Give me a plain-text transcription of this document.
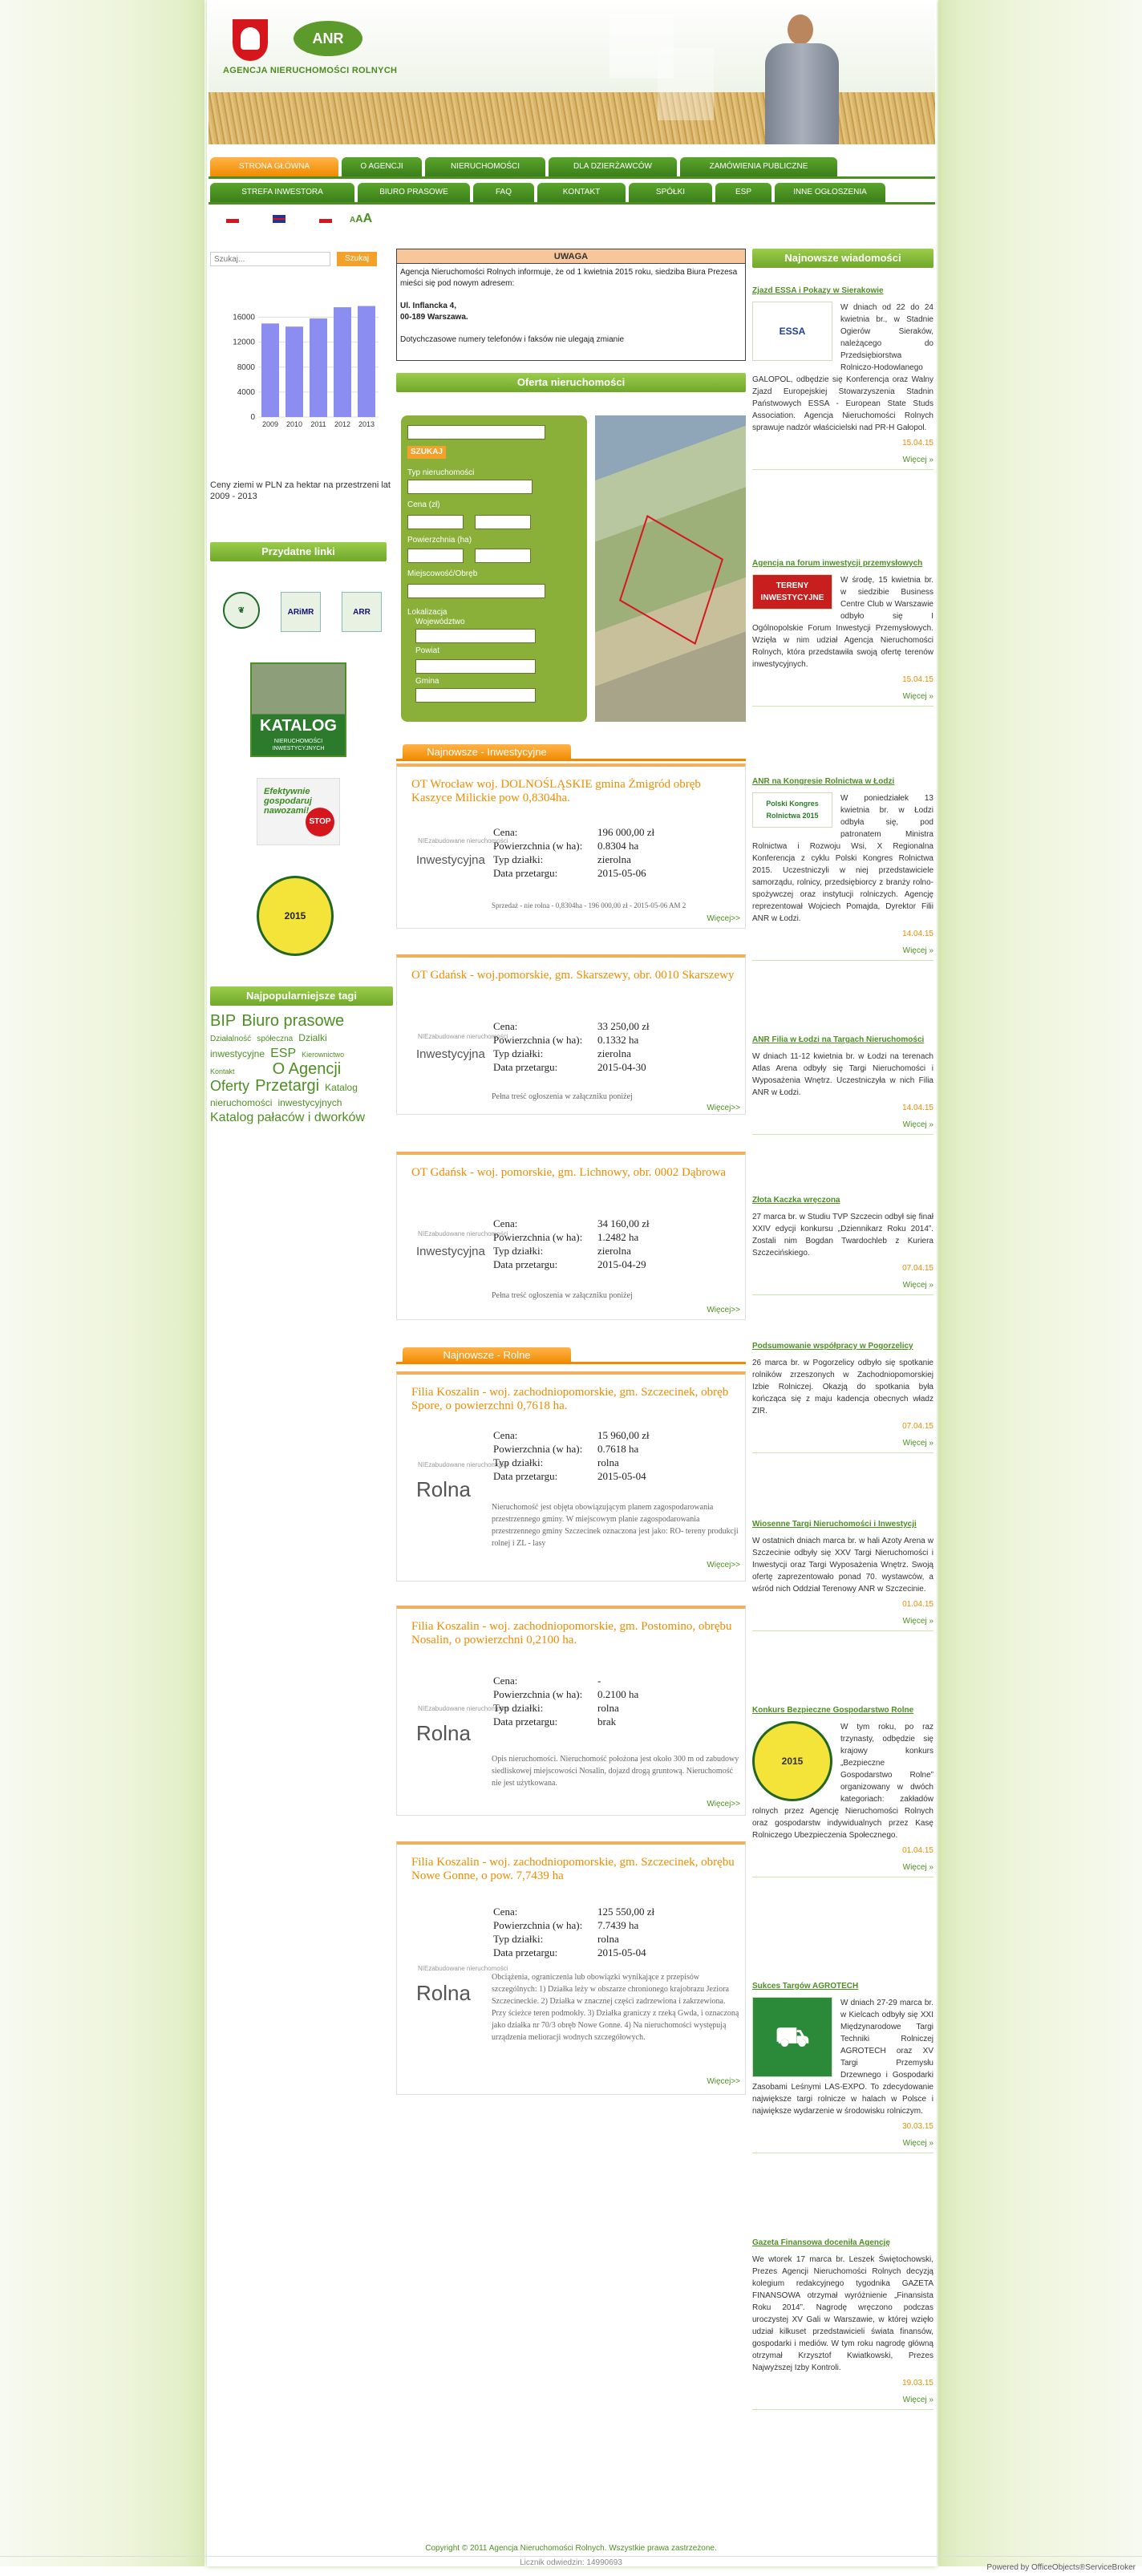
ANR
AGENCJA NIERUCHOMOŚCI ROLNYCH
STRONA GŁÓWNA	O AGENCJI	NIERUCHOMOŚCI	DLA DZIERŻAWCÓW	ZAMÓWIENIA PUBLICZNE
STREFA INWESTORA	BIURO PRASOWE	FAQ	KONTAKT	SPÓŁKI	ESP	INNE OGŁOSZENIA
AAA
Szukaj...
Szukaj
0
4000
8000
12000
16000
2009 2010 2011 2012 2013
Ceny ziemi w PLN za hektar na przestrzeni lat 2009 - 2013
Przydatne linki
❦	ARiMR	ARR
KATALOG
NIERUCHOMOŚCI INWESTYCYJNYCH
Efektywnie gospodaruj nawozami!
STOP
2015
Najpopularniejsze tagi
BIP Biuro prasowe
Działalność spółeczna Dzialki
inwestycyjne ESP Kierownictwo
Kontakt O Agencji
Oferty Przetargi Katalog
nieruchomości inwestycyjnych
Katalog pałaców i dworków
UWAGA
Agencja Nieruchomości Rolnych informuje, że od 1 kwietnia 2015 roku, siedziba Biura Prezesa mieści się pod nowym adresem:

Ul. Inflancka 4,
00-189 Warszawa.

Dotychczasowe numery telefonów i faksów nie ulegają zmianie
Oferta nieruchomości
SZUKAJ
Typ nieruchomości
Cena (zł)
Powierzchnia (ha)
Miejscowość/Obręb
Lokalizacja
Województwo
Powiat
Gmina
Najnowsze - Inwestycyjne
OT Wrocław woj. DOLNOŚLĄSKIE gmina Żmigród obręb Kaszyce Milickie pow 0,8304ha.
NIEzabudowane nieruchomości
Inwestycyjna
Cena:	196 000,00 zł
Powierzchnia (w ha):	0.8304 ha
Typ działki:	zierolna
Data przetargu:	2015-05-06
Sprzedaż - nie rolna - 0,8304ha - 196 000,00 zł - 2015-05-06 AM 2
Więcej>>
OT Gdańsk - woj.pomorskie, gm. Skarszewy, obr. 0010 Skarszewy
NIEzabudowane nieruchomości
Inwestycyjna
Cena:	33 250,00 zł
Powierzchnia (w ha):	0.1332 ha
Typ działki:	zierolna
Data przetargu:	2015-04-30
Pełna treść ogłoszenia w załączniku poniżej
Więcej>>
OT Gdańsk - woj. pomorskie, gm. Lichnowy, obr. 0002 Dąbrowa
NIEzabudowane nieruchomości
Inwestycyjna
Cena:	34 160,00 zł
Powierzchnia (w ha):	1.2482 ha
Typ działki:	zierolna
Data przetargu:	2015-04-29
Pełna treść ogłoszenia w załączniku poniżej
Więcej>>
Najnowsze - Rolne
Filia Koszalin - woj. zachodniopomorskie, gm. Szczecinek, obręb Spore, o powierzchni 0,7618 ha.
NIEzabudowane nieruchomości
Rolna
Cena:	15 960,00 zł
Powierzchnia (w ha):	0.7618 ha
Typ działki:	rolna
Data przetargu:	2015-05-04
Nieruchomość jest objęta obowiązującym planem zagospodarowania przestrzennego gminy. W miejscowym planie zagospodarowania przestrzennego gminy Szczecinek oznaczona jest jako: RO- tereny produkcji rolnej i ZL - lasy
Więcej>>
Filia Koszalin - woj. zachodniopomorskie, gm. Postomino, obrębu Nosalin, o powierzchni 0,2100 ha.
NIEzabudowane nieruchomości
Rolna
Cena:	-
Powierzchnia (w ha):	0.2100 ha
Typ działki:	rolna
Data przetargu:	brak
Opis nieruchomości. Nieruchomość położona jest około 300 m od zabudowy siedliskowej miejscowości Nosalin, dojazd drogą gruntową. Nieruchomość nie jest użytkowana.
Więcej>>
Filia Koszalin - woj. zachodniopomorskie, gm. Szczecinek, obrębu Nowe Gonne, o pow. 7,7439 ha
NIEzabudowane nieruchomości
Rolna
Cena:	125 550,00 zł
Powierzchnia (w ha):	7.7439 ha
Typ działki:	rolna
Data przetargu:	2015-05-04
Obciążenia, ograniczenia lub obowiązki wynikające z przepisów szczególnych: 1) Działka leży w obszarze chronionego krajobrazu Jeziora Szczecineckie. 2) Działka w znacznej części zadrzewiona i zakrzewiona. Przy ścieżce teren podmokły. 3) Działka graniczy z rzeką Gwda, i oznaczoną jako działka nr 70/3 obręb Nowe Gonne. 4) Na nieruchomości występują urządzenia melioracji wodnych szczegółowych.
Więcej>>
Najnowsze wiadomości
Zjazd ESSA i Pokazy w Sierakowie
ESSA
W dniach od 22 do 24 kwietnia br., w Stadnie Ogierów Sieraków, należącego do Przedsiębiorstwa Rolniczo-Hodowlanego GALOPOL, odbędzie się Konferencja oraz Walny Zjazd Europejskiej Stowarzyszenia Stadnin Państwowych ESSA - European State Studs Association. Agencja Nieruchomości Rolnych sprawuje nadzór właścicielski nad PR-H Gałopol.
15.04.15
Więcej »
Agencja na forum inwestycji przemysłowych
TERENY INWESTYCYJNE
W środę, 15 kwietnia br. w siedzibie Business Centre Club w Warszawie odbyło się I Ogólnopolskie Forum Inwestycji Przemysłowych. Wzięła w nim udział Agencja Nieruchomości Rolnych, która przedstawiła swoją ofertę terenów inwestycyjnych.
15.04.15
Więcej »
ANR na Kongresie Rolnictwa w Łodzi
Polski Kongres Rolnictwa 2015
W poniedziałek 13 kwietnia br. w Łodzi odbyła się, pod patronatem Ministra Rolnictwa i Rozwoju Wsi, X Regionalna Konferencja z cyklu Polski Kongres Rolnictwa 2015. Uczestniczyli w niej przedstawiciele samorządu, rolnicy, przedsiębiorcy z branży rolno-spożywczej oraz instytucji rolniczych. Agencję reprezentował Wojciech Pomajda, Dyrektor Filii ANR w Łodzi.
14.04.15
Więcej »
ANR Filia w Łodzi na Targach Nieruchomości
W dniach 11-12 kwietnia br. w Łodzi na terenach Atlas Arena odbyły się Targi Nieruchomości i Wyposażenia Wnętrz. Uczestniczyła w nich Filia ANR w Łodzi.
14.04.15
Więcej »
Złota Kaczka wręczona
27 marca br. w Studiu TVP Szczecin odbył się finał XXIV edycji konkursu „Dziennikarz Roku 2014”. Zostali nim Bogdan Twardochleb z Kuriera Szczecińskiego.
07.04.15
Więcej »
Podsumowanie współpracy w Pogorzelicy
26 marca br. w Pogorzelicy odbyło się spotkanie rolników zrzeszonych w Zachodniopomorskiej Izbie Rolniczej. Okazją do spotkania była kończąca się z maju kadencja obecnych władz ZIR.
07.04.15
Więcej »
Wiosenne Targi Nieruchomości i Inwestycji
W ostatnich dniach marca br. w hali Azoty Arena w Szczecinie odbyły się XXV Targi Nieruchomości i Inwestycji oraz Targi Wyposażenia Wnętrz. Swoją ofertę zaprezentowało ponad 70. wystawców, a wśród nich Oddział Terenowy ANR w Szczecinie.
01.04.15
Więcej »
Konkurs Bezpieczne Gospodarstwo Rolne
2015
W tym roku, po raz trzynasty, odbędzie się krajowy konkurs „Bezpieczne Gospodarstwo Rolne” organizowany w dwóch kategoriach: zakładów rolnych przez Agencję Nieruchomości Rolnych oraz gospodarstw indywidualnych przez Kasę Rolniczego Ubezpieczenia Społecznego.
01.04.15
Więcej »
Sukces Targów AGROTECH
⛟
W dniach 27-29 marca br. w Kielcach odbyły się XXI Międzynarodowe Targi Techniki Rolniczej AGROTECH oraz XV Targi Przemysłu Drzewnego i Gospodarki Zasobami Leśnymi LAS-EXPO. To zdecydowanie największe targi rolnicze w halach w Polsce i największe wydarzenie w środowisku rolniczym.
30.03.15
Więcej »
Gazeta Finansowa doceniła Agencję
We wtorek 17 marca br. Leszek Świętochowski, Prezes Agencji Nieruchomości Rolnych decyzją kolegium redakcyjnego tygodnika GAZETA FINANSOWA otrzymał wyróżnienie „Finansista Roku 2014”. Nagrodę wręczono podczas uroczystej XV Gali w Warszawie, w której wzięło udział kilkuset przedstawicieli świata finansów, gospodarki i mediów. W tym roku nagrodę główną otrzymał Krzysztof Kwiatkowski, Prezes Najwyższej Izby Kontroli.
19.03.15
Więcej »
Copyright © 2011 Agencja Nieruchomości Rolnych. Wszystkie prawa zastrzeżone.
Licznik odwiedzin: 14990693
Powered by OfficeObjects®ServiceBroker
